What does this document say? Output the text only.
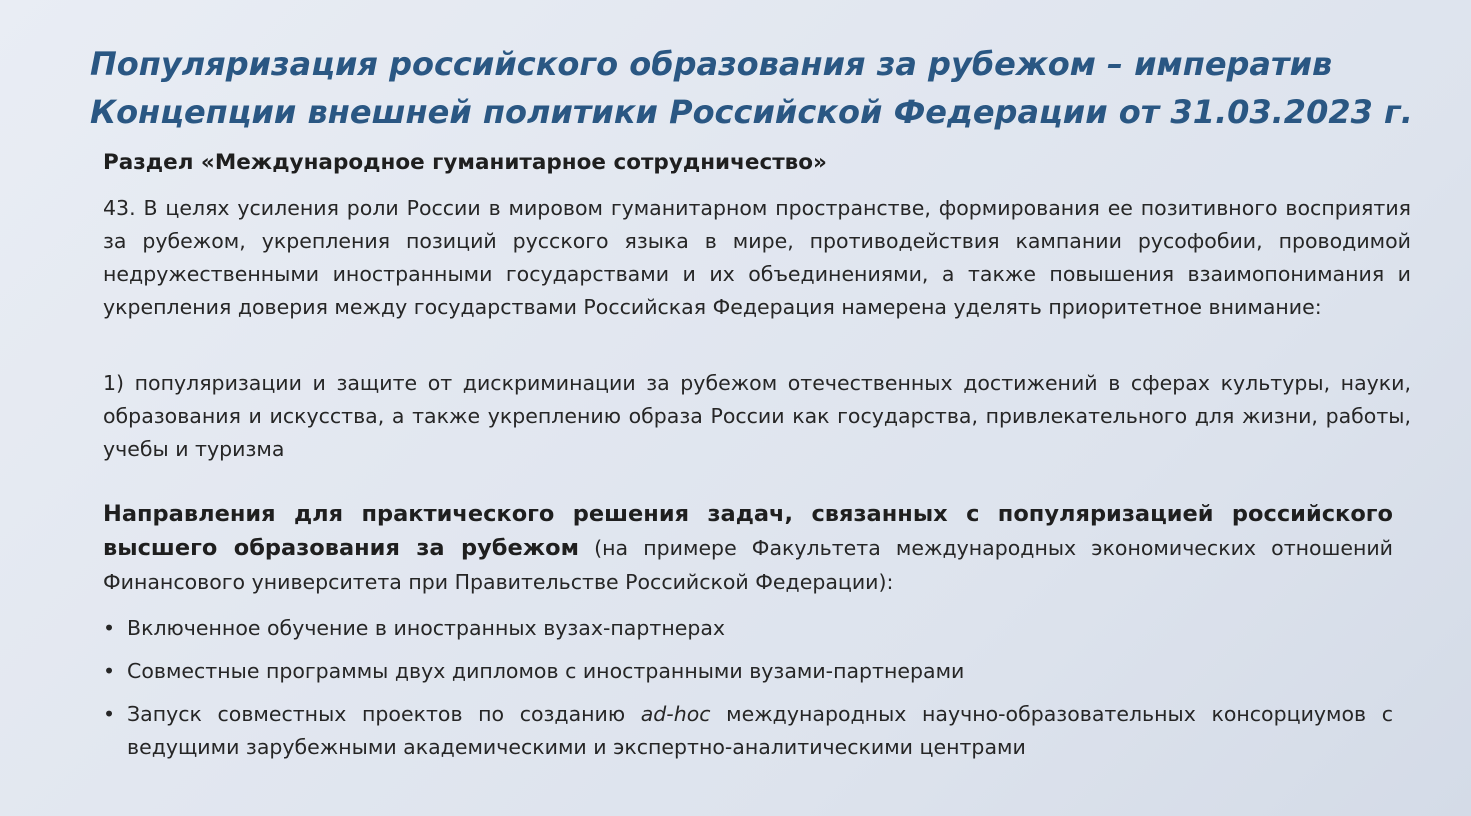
Популяризация российского образования за рубежом – императив
Концепции внешней политики Российской Федерации от 31.03.2023 г.

Раздел «Международное гуманитарное сотрудничество»

43. В целях усиления роли России в мировом гуманитарном пространстве, формирования ее позитивного восприятия за рубежом, укрепления позиций русского языка в мире, противодействия кампании русофобии, проводимой недружественными иностранными государствами и их объединениями, а также повышения взаимопонимания и укрепления доверия между государствами Российская Федерация намерена уделять приоритетное внимание:

1) популяризации и защите от дискриминации за рубежом отечественных достижений в сферах культуры, науки, образования и искусства, а также укреплению образа России как государства, привлекательного для жизни, работы, учебы и туризма

Направления для практического решения задач, связанных с популяризацией российского высшего образования за рубежом (на примере Факультета международных экономических отношений Финансового университета при Правительстве Российской Федерации):

• Включенное обучение в иностранных вузах-партнерах
• Совместные программы двух дипломов с иностранными вузами-партнерами
• Запуск совместных проектов по созданию ad-hoc международных научно-образовательных консорциумов с ведущими зарубежными академическими и экспертно-аналитическими центрами
